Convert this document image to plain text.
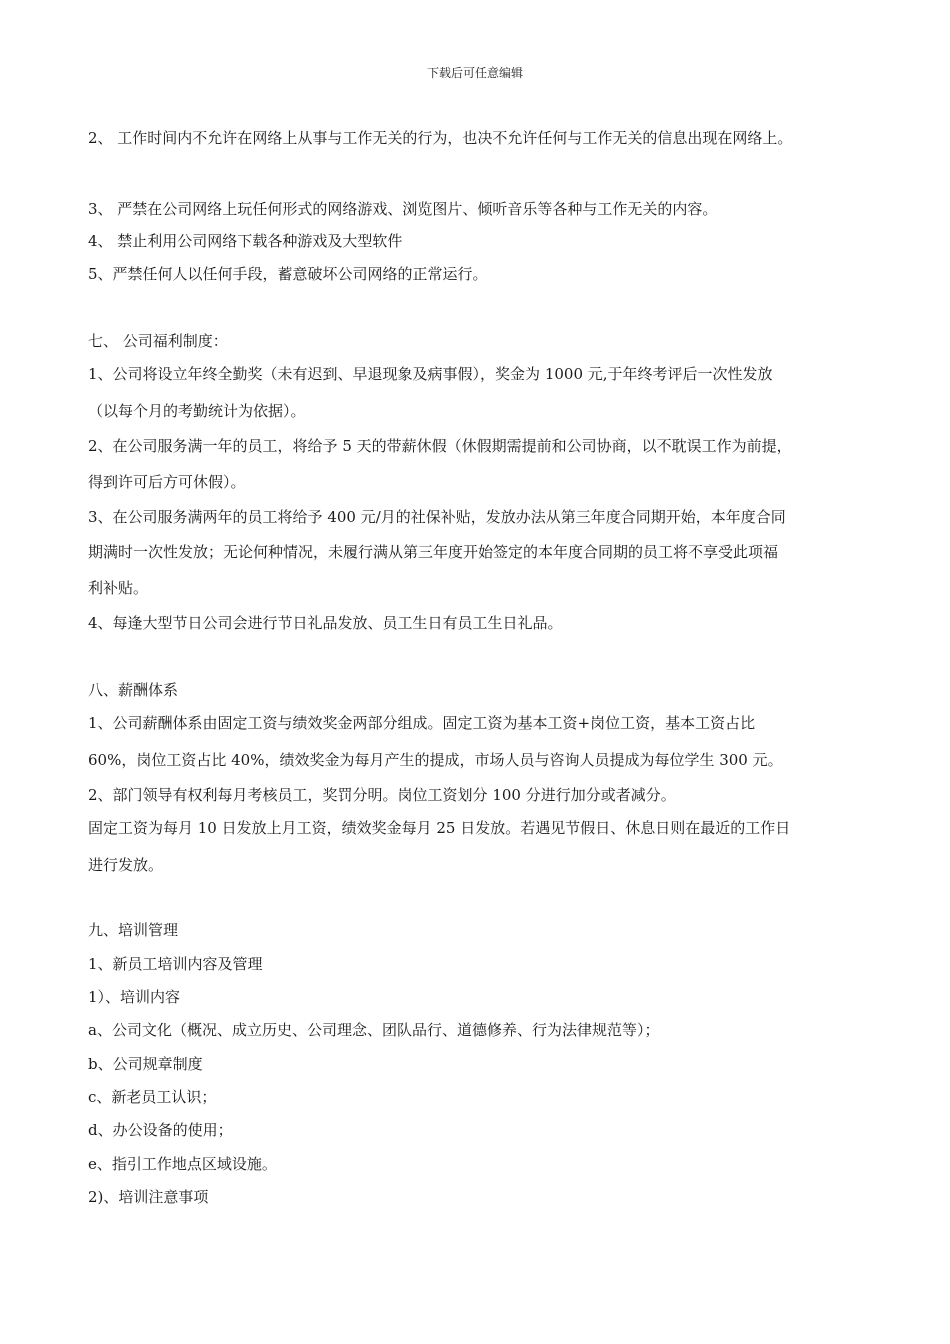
下载后可任意编辑
2、 工作时间内不允许在网络上从事与工作无关的行为，也决不允许任何与工作无关的信息出现在网络上。
3、 严禁在公司网络上玩任何形式的网络游戏、浏览图片、倾听音乐等各种与工作无关的内容。
4、 禁止利用公司网络下载各种游戏及大型软件
5、严禁任何人以任何手段，蓄意破坏公司网络的正常运行。
七、 公司福利制度：
1、公司将设立年终全勤奖（未有迟到、早退现象及病事假），奖金为 1000 元,于年终考评后一次性发放
（以每个月的考勤统计为依据）。
2、在公司服务满一年的员工，将给予 5 天的带薪休假（休假期需提前和公司协商，以不耽误工作为前提，
得到许可后方可休假）。
3、在公司服务满两年的员工将给予 400 元/月的社保补贴，发放办法从第三年度合同期开始，本年度合同
期满时一次性发放；无论何种情况，未履行满从第三年度开始签定的本年度合同期的员工将不享受此项福
利补贴。
4、每逢大型节日公司会进行节日礼品发放、员工生日有员工生日礼品。
八、薪酬体系
1、公司薪酬体系由固定工资与绩效奖金两部分组成。固定工资为基本工资+岗位工资，基本工资占比
60%，岗位工资占比 40%，绩效奖金为每月产生的提成，市场人员与咨询人员提成为每位学生 300 元。
2、部门领导有权利每月考核员工，奖罚分明。岗位工资划分 100 分进行加分或者减分。
固定工资为每月 10 日发放上月工资，绩效奖金每月 25 日发放。若遇见节假日、休息日则在最近的工作日
进行发放。
九、培训管理
1、新员工培训内容及管理
1）、培训内容
a、公司文化（概况、成立历史、公司理念、团队品行、道德修养、行为法律规范等）；
b、公司规章制度
c、新老员工认识；
d、办公设备的使用；
e、指引工作地点区域设施。
2)、培训注意事项
